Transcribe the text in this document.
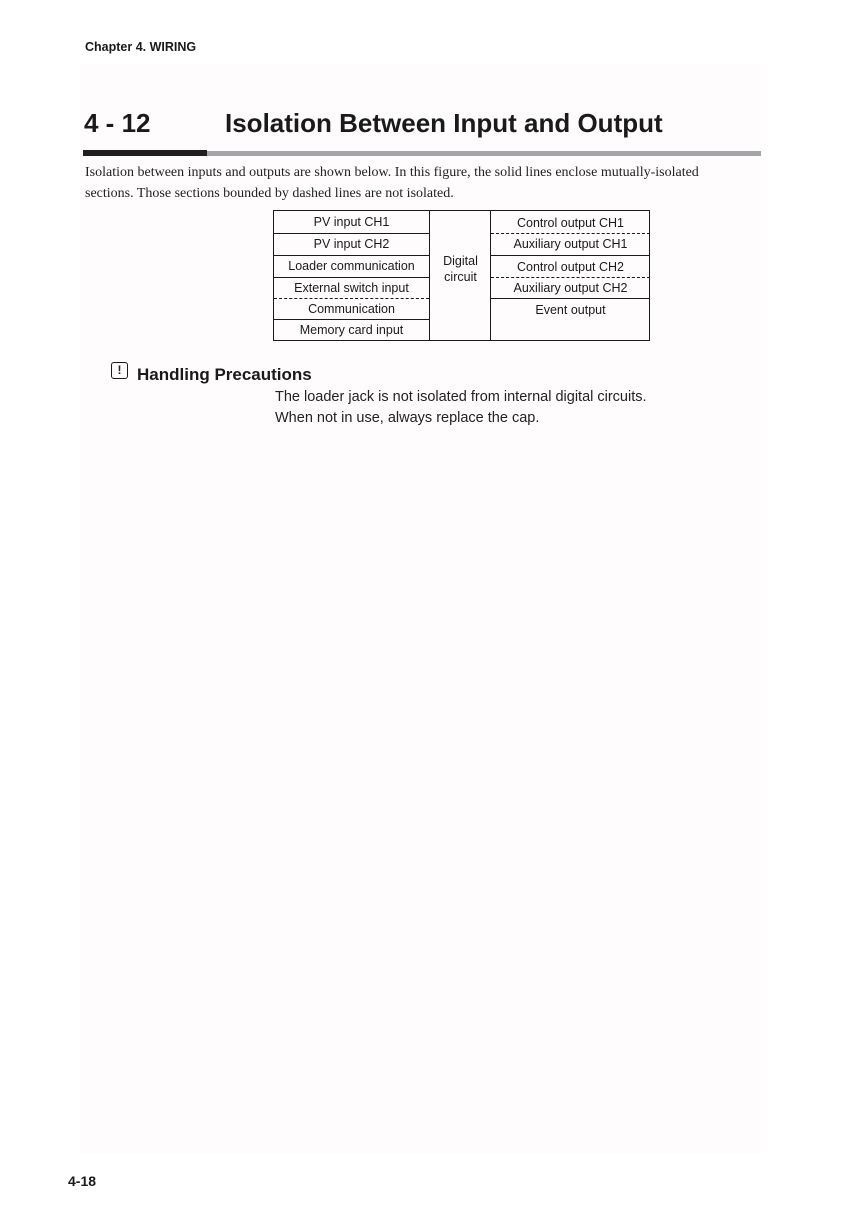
Chapter 4. WIRING
4 - 12	Isolation Between Input and Output
Isolation between inputs and outputs are shown below. In this figure, the solid lines enclose mutually-isolated sections. Those sections bounded by dashed lines are not isolated.
PV input CH1
PV input CH2
Loader communication
External switch input
Communication
Memory card input
Digital
circuit
Control output CH1
Auxiliary output CH1
Control output CH2
Auxiliary output CH2
Event output
! Handling Precautions
The loader jack is not isolated from internal digital circuits.
When not in use, always replace the cap.
4-18
